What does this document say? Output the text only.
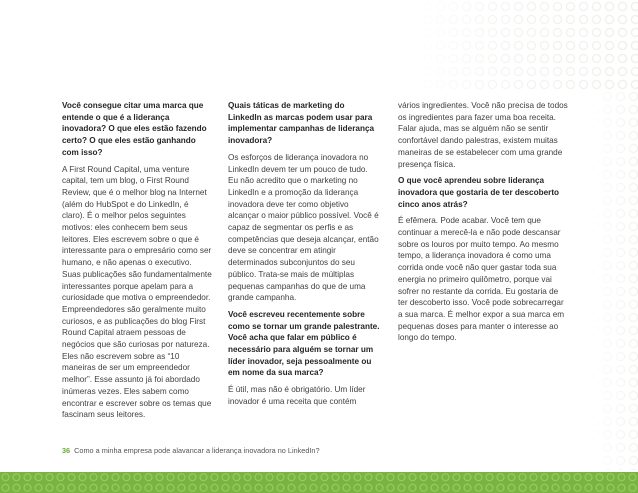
Você consegue citar uma marca que entende o que é a liderança inovadora? O que eles estão fazendo certo? O que eles estão ganhando com isso?

A First Round Capital, uma venture capital, tem um blog, o First Round Review, que é o melhor blog na Internet (além do HubSpot e do LinkedIn, é claro). É o melhor pelos seguintes motivos: eles conhecem bem seus leitores. Eles escrevem sobre o que é interessante para o empresário como ser humano, e não apenas o executivo. Suas publicações são fundamentalmente interessantes porque apelam para a curiosidade que motiva o empreendedor. Empreendedores são geralmente muito curiosos, e as publicações do blog First Round Capital atraem pessoas de negócios que são curiosas por natureza. Eles não escrevem sobre as “10 maneiras de ser um empreendedor melhor”. Esse assunto já foi abordado inúmeras vezes. Eles sabem como encontrar e escrever sobre os temas que fascinam seus leitores.

Quais táticas de marketing do LinkedIn as marcas podem usar para implementar campanhas de liderança inovadora?

Os esforços de liderança inovadora no LinkedIn devem ter um pouco de tudo. Eu não acredito que o marketing no LinkedIn e a promoção da liderança inovadora deve ter como objetivo alcançar o maior público possível. Você é capaz de segmentar os perfis e as competências que deseja alcançar, então deve se concentrar em atingir determinados subconjuntos do seu público. Trata-se mais de múltiplas pequenas campanhas do que de uma grande campanha.

Você escreveu recentemente sobre como se tornar um grande palestrante. Você acha que falar em público é necessário para alguém se tornar um líder inovador, seja pessoalmente ou em nome da sua marca?

É útil, mas não é obrigatório. Um líder inovador é uma receita que contém

vários ingredientes. Você não precisa de todos os ingredientes para fazer uma boa receita. Falar ajuda, mas se alguém não se sentir confortável dando palestras, existem muitas maneiras de se estabelecer com uma grande presença física.

O que você aprendeu sobre liderança inovadora que gostaria de ter descoberto cinco anos atrás?

É efêmera. Pode acabar. Você tem que continuar a merecê-la e não pode descansar sobre os louros por muito tempo. Ao mesmo tempo, a liderança inovadora é como uma corrida onde você não quer gastar toda sua energia no primeiro quilômetro, porque vai sofrer no restante da corrida. Eu gostaria de ter descoberto isso. Você pode sobrecarregar a sua marca. É melhor expor a sua marca em pequenas doses para manter o interesse ao longo do tempo.

36 Como a minha empresa pode alavancar a liderança inovadora no LinkedIn?
